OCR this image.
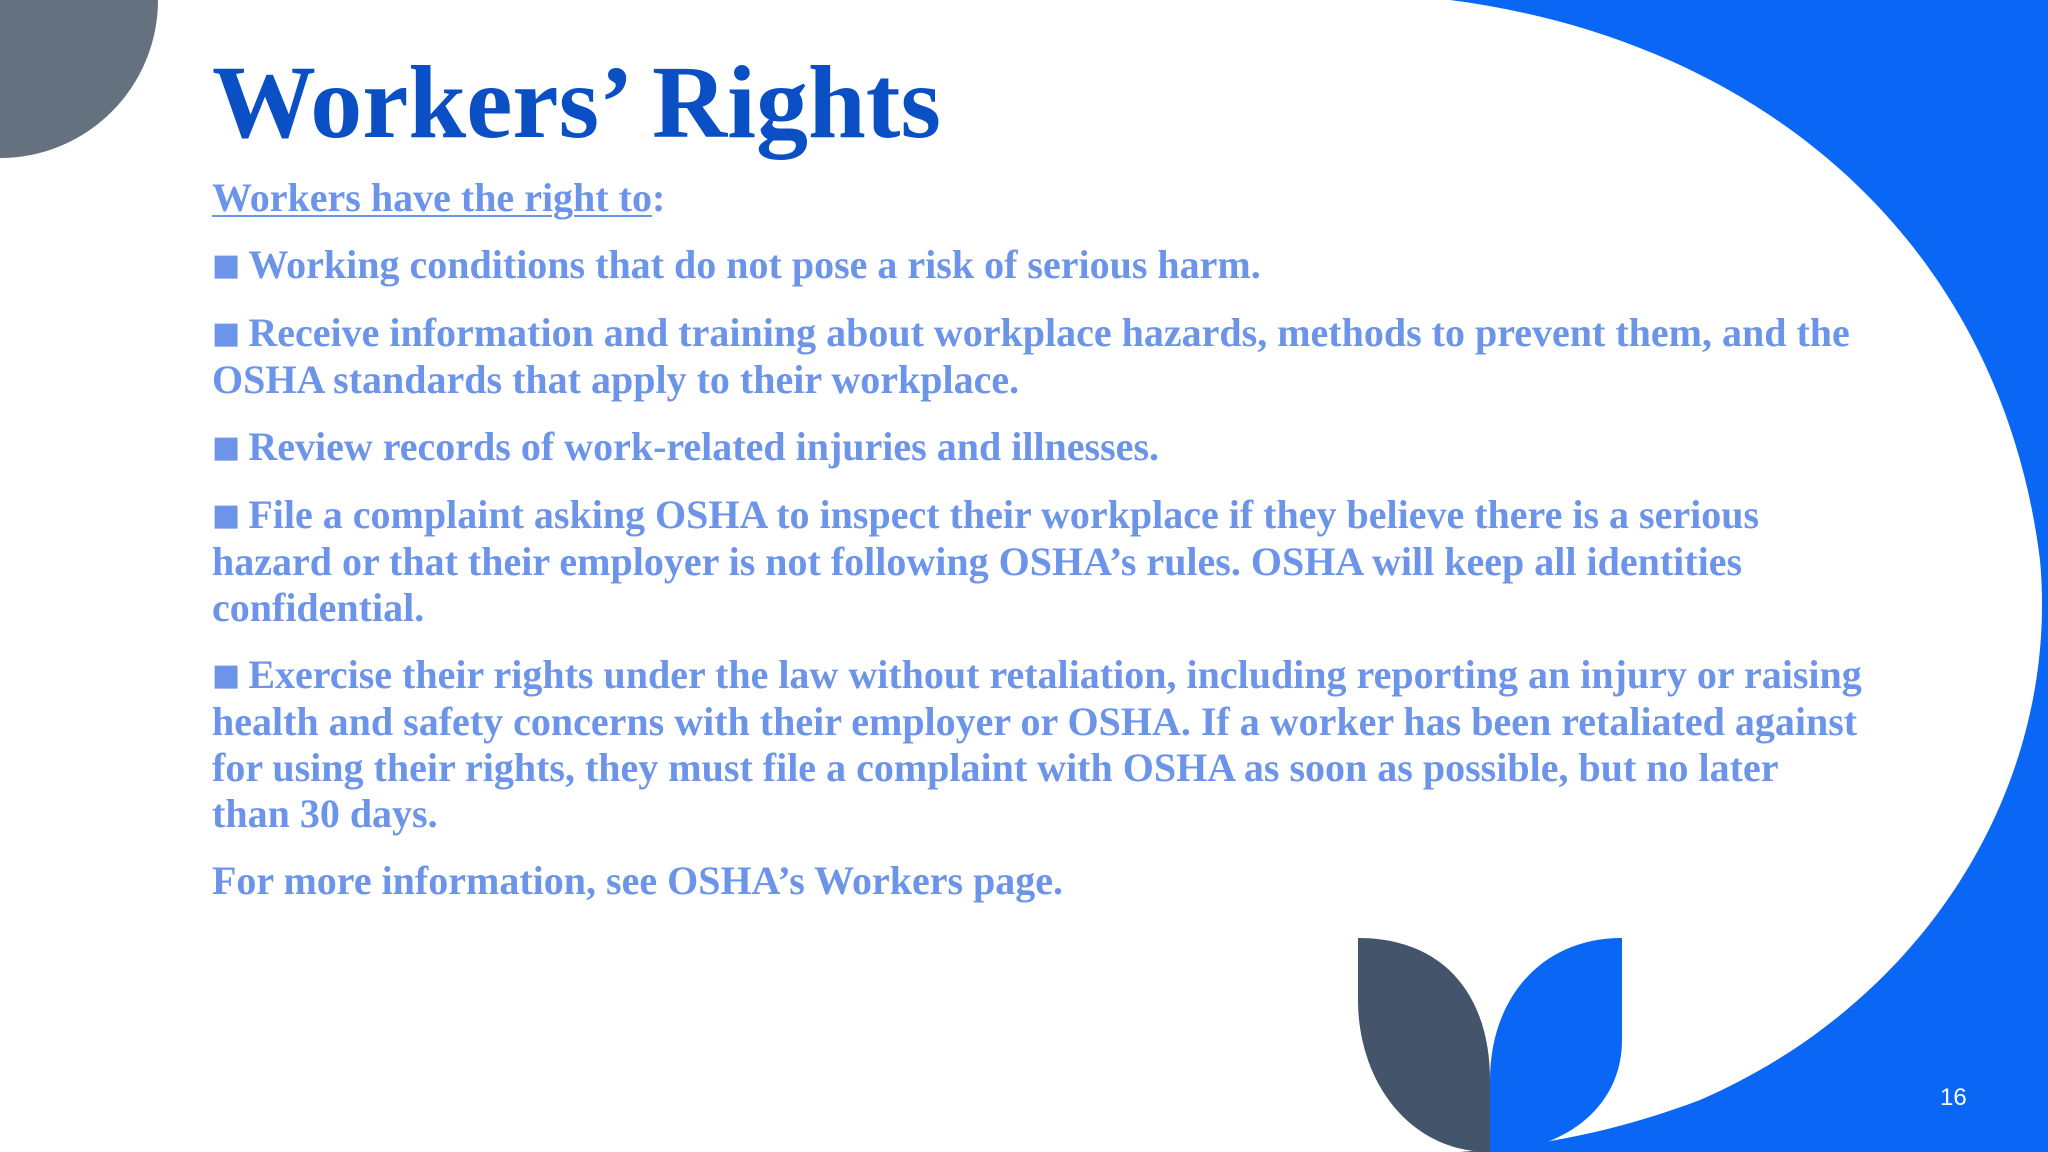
Workers’ Rights

Workers have the right to:

■ Working conditions that do not pose a risk of serious harm.

■ Receive information and training about workplace hazards, methods to prevent them, and the OSHA standards that apply to their workplace.

■ Review records of work-related injuries and illnesses.

■ File a complaint asking OSHA to inspect their workplace if they believe there is a serious hazard or that their employer is not following OSHA’s rules. OSHA will keep all identities confidential.

■ Exercise their rights under the law without retaliation, including reporting an injury or raising health and safety concerns with their employer or OSHA. If a worker has been retaliated against for using their rights, they must file a complaint with OSHA as soon as possible, but no later than 30 days.

For more information, see OSHA’s Workers page.

16
